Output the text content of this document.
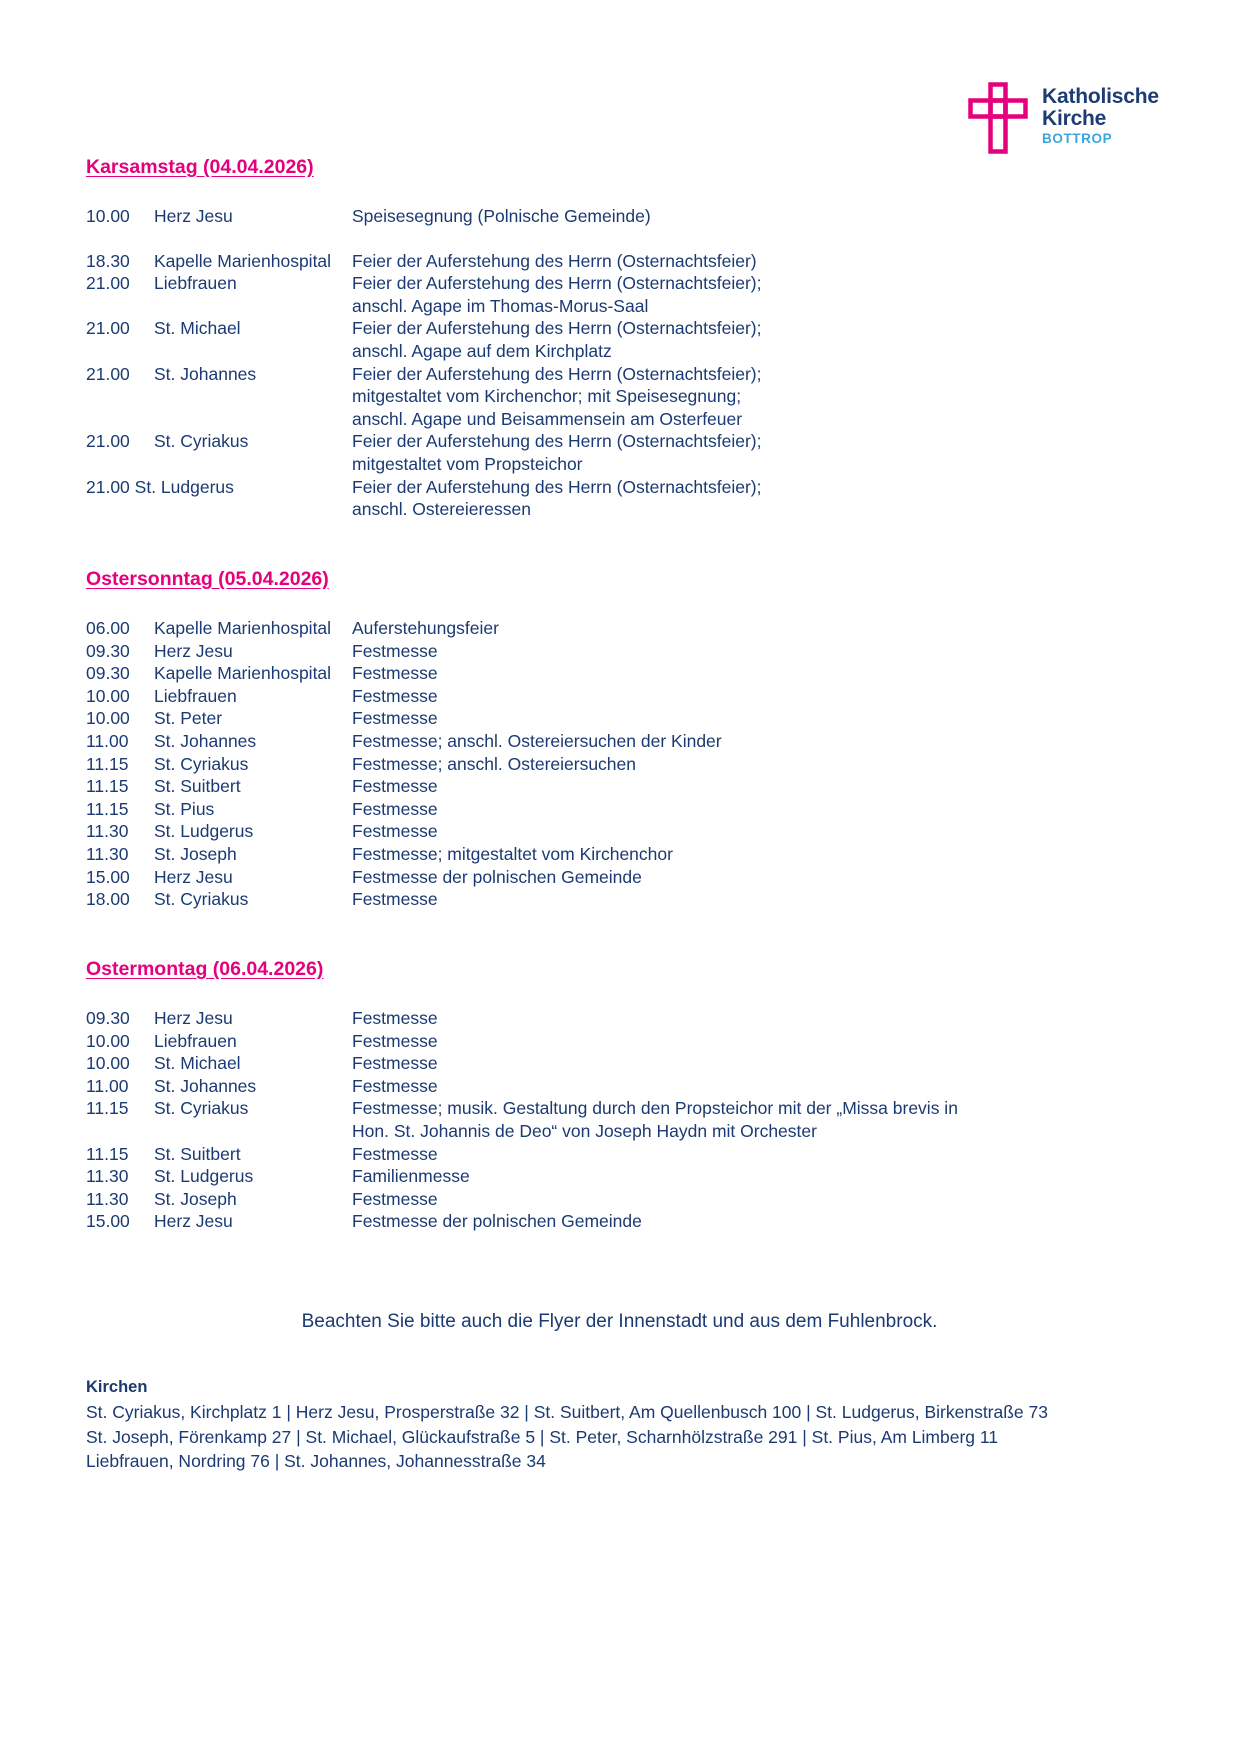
Katholische
Kirche
BOTTROP
Karsamstag (04.04.2026)
10.00	Herz Jesu	Speisesegnung (Polnische Gemeinde)
18.30	Kapelle Marienhospital	Feier der Auferstehung des Herrn (Osternachtsfeier)
21.00	Liebfrauen	Feier der Auferstehung des Herrn (Osternachtsfeier);
anschl. Agape im Thomas-Morus-Saal
21.00	St. Michael	Feier der Auferstehung des Herrn (Osternachtsfeier);
anschl. Agape auf dem Kirchplatz
21.00	St. Johannes	Feier der Auferstehung des Herrn (Osternachtsfeier);
mitgestaltet vom Kirchenchor; mit Speisesegnung;
anschl. Agape und Beisammensein am Osterfeuer
21.00	St. Cyriakus	Feier der Auferstehung des Herrn (Osternachtsfeier);
mitgestaltet vom Propsteichor
21.00 St. Ludgerus	Feier der Auferstehung des Herrn (Osternachtsfeier);
anschl. Ostereieressen
Ostersonntag (05.04.2026)
06.00	Kapelle Marienhospital	Auferstehungsfeier
09.30	Herz Jesu	Festmesse
09.30	Kapelle Marienhospital	Festmesse
10.00	Liebfrauen	Festmesse
10.00	St. Peter	Festmesse
11.00	St. Johannes	Festmesse; anschl. Ostereiersuchen der Kinder
11.15	St. Cyriakus	Festmesse; anschl. Ostereiersuchen
11.15	St. Suitbert	Festmesse
11.15	St. Pius	Festmesse
11.30	St. Ludgerus	Festmesse
11.30	St. Joseph	Festmesse; mitgestaltet vom Kirchenchor
15.00	Herz Jesu	Festmesse der polnischen Gemeinde
18.00	St. Cyriakus	Festmesse
Ostermontag (06.04.2026)
09.30	Herz Jesu	Festmesse
10.00	Liebfrauen	Festmesse
10.00	St. Michael	Festmesse
11.00	St. Johannes	Festmesse
11.15	St. Cyriakus	Festmesse; musik. Gestaltung durch den Propsteichor mit der „Missa brevis in
Hon. St. Johannis de Deo“ von Joseph Haydn mit Orchester
11.15	St. Suitbert	Festmesse
11.30	St. Ludgerus	Familienmesse
11.30	St. Joseph	Festmesse
15.00	Herz Jesu	Festmesse der polnischen Gemeinde
Beachten Sie bitte auch die Flyer der Innenstadt und aus dem Fuhlenbrock.
Kirchen
St. Cyriakus, Kirchplatz 1 | Herz Jesu, Prosperstraße 32 | St. Suitbert, Am Quellenbusch 100 | St. Ludgerus, Birkenstraße 73
St. Joseph, Förenkamp 27 | St. Michael, Glückaufstraße 5 | St. Peter, Scharnhölzstraße 291 | St. Pius, Am Limberg 11
Liebfrauen, Nordring 76 | St. Johannes, Johannesstraße 34
